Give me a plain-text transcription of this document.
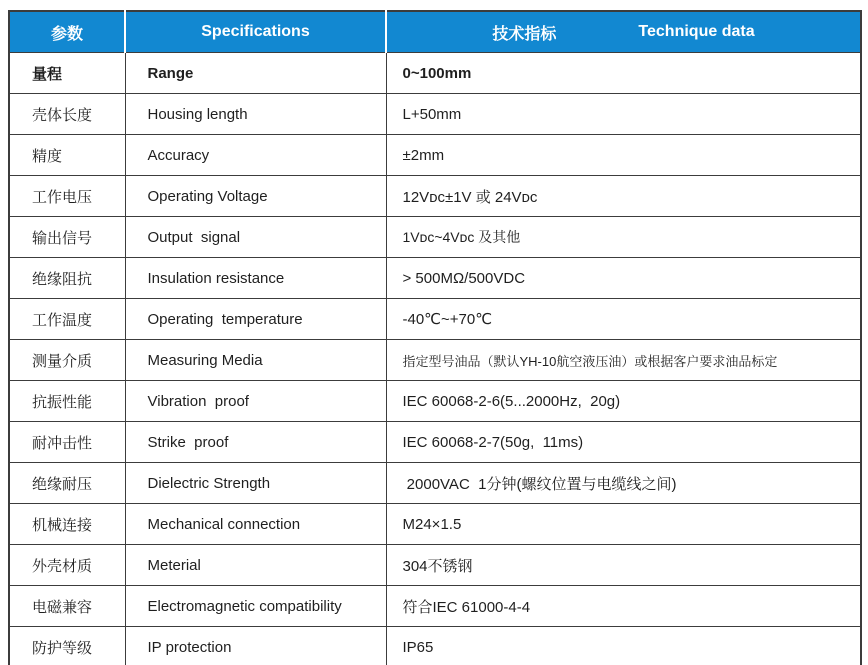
参数	Specifications	技术指标 Technique data

量程	Range	0~100mm
壳体长度	Housing length	L+50mm
精度	Accuracy	±2mm
工作电压	Operating Voltage	12Vᴅᴄ±1V 或 24Vᴅᴄ
输出信号	Output  signal	1Vᴅᴄ~4Vᴅᴄ 及其他
绝缘阻抗	Insulation resistance	> 500MΩ/500VDC
工作温度	Operating  temperature	-40℃~+70℃
测量介质	Measuring Media	指定型号油品（默认YH-10航空液压油）或根据客户要求油品标定
抗振性能	Vibration  proof	IEC 60068-2-6(5...2000Hz,  20g)
耐冲击性	Strike  proof	IEC 60068-2-7(50g,  11ms)
绝缘耐压	Dielectric Strength	2000VAC  1分钟(螺纹位置与电缆线之间)
机械连接	Mechanical connection	M24×1.5
外壳材质	Meterial	304不锈钢
电磁兼容	Electromagnetic compatibility	符合IEC 61000-4-4
防护等级	IP protection	IP65
